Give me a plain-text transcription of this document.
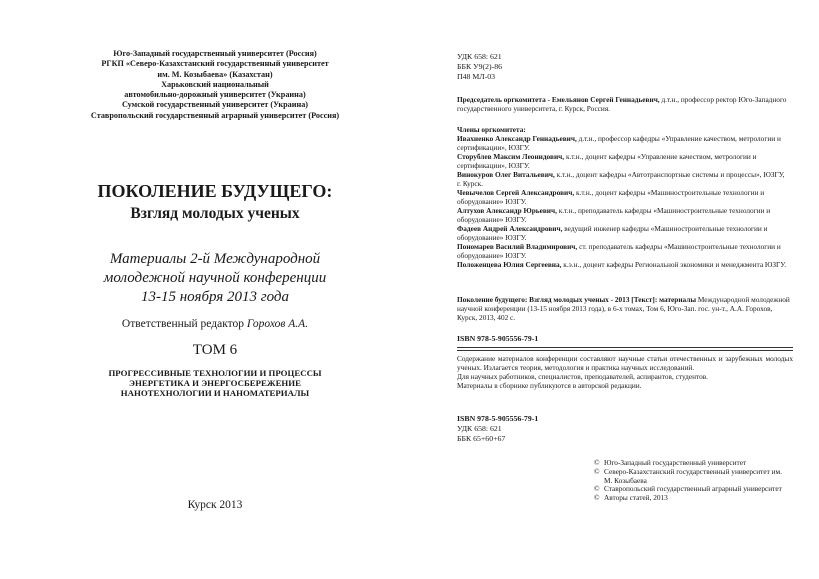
Юго-Западный государственный университет (Россия)
РГКП «Северо-Казахстанский государственный университет
им. М. Козыбаева» (Казахстан)
Харьковский национальный
автомобильно-дорожный университет (Украина)
Сумской государственный университет (Украина)
Ставропольский государственный аграрный университет (Россия)
ПОКОЛЕНИЕ БУДУЩЕГО:
Взгляд молодых ученых
Материалы 2-й Международной
молодежной научной конференции
13-15 ноября 2013 года
Ответственный редактор Горохов А.А.
ТОМ 6
ПРОГРЕССИВНЫЕ ТЕХНОЛОГИИ И ПРОЦЕССЫ
ЭНЕРГЕТИКА И ЭНЕРГОСБЕРЕЖЕНИЕ
НАНОТЕХНОЛОГИИ И НАНОМАТЕРИАЛЫ
Курск 2013
УДК 658: 621
ББК У9(2)-86
П48 МЛ-03
Председатель оргкомитета - Емельянов Сергей Геннадьевич, д.т.н., профессор ректор Юго-Западного государственного университета, г. Курск, Россия.
Члены оргкомитета:
Ивахненко Александр Геннадьевич, д.т.н., профессор кафедры «Управление качеством, метрологии и сертификации», ЮЗГУ.
Сторублев Максим Леонидович, к.т.н., доцент кафедры «Управление качеством, метрологии и сертификации», ЮЗГУ.
Винокуров Олег Витальевич, к.т.н., доцент кафедры «Автотранспортные системы и процессы», ЮЗГУ, г. Курск.
Чевычелов Сергей Александрович, к.т.н., доцент кафедры «Машиностроительные технологии и оборудование» ЮЗГУ.
Алтухов Александр Юрьевич, к.т.н., преподаватель кафедры «Машиностроительные технологии и оборудование» ЮЗГУ.
Фадеев Андрей Александрович, ведущий инженер кафедры «Машиностроительные технологии и оборудование» ЮЗГУ.
Пономарев Василий Владимирович, ст. преподаватель кафедры «Машиностроительные технологии и оборудование» ЮЗГУ.
Положенцева Юлия Сергеевна, к.э.н., доцент кафедры Региональной экономики и менеджмента ЮЗГУ.
Поколение будущего: Взгляд молодых ученых - 2013 [Текст]: материалы Международной молодежной научной конференции (13-15 ноября 2013 года), в 6-х томах, Том 6, Юго-Зап. гос. ун-т., А.А. Горохов, Курск, 2013, 402 с.
ISBN 978-5-905556-79-1
Содержание материалов конференции составляют научные статьи отечественных и зарубежных молодых ученых. Излагается теория, методология и практика научных исследований.
Для научных работников, специалистов, преподавателей, аспирантов, студентов.
Материалы в сборнике публикуются в авторской редакции.
ISBN 978-5-905556-79-1
УДК 658: 621
ББК 65+60+67
© Юго-Западный государственный университет
© Северо-Казахстанский государственный университет им. М. Козыбаева
© Ставропольский государственный аграрный университет
© Авторы статей, 2013
